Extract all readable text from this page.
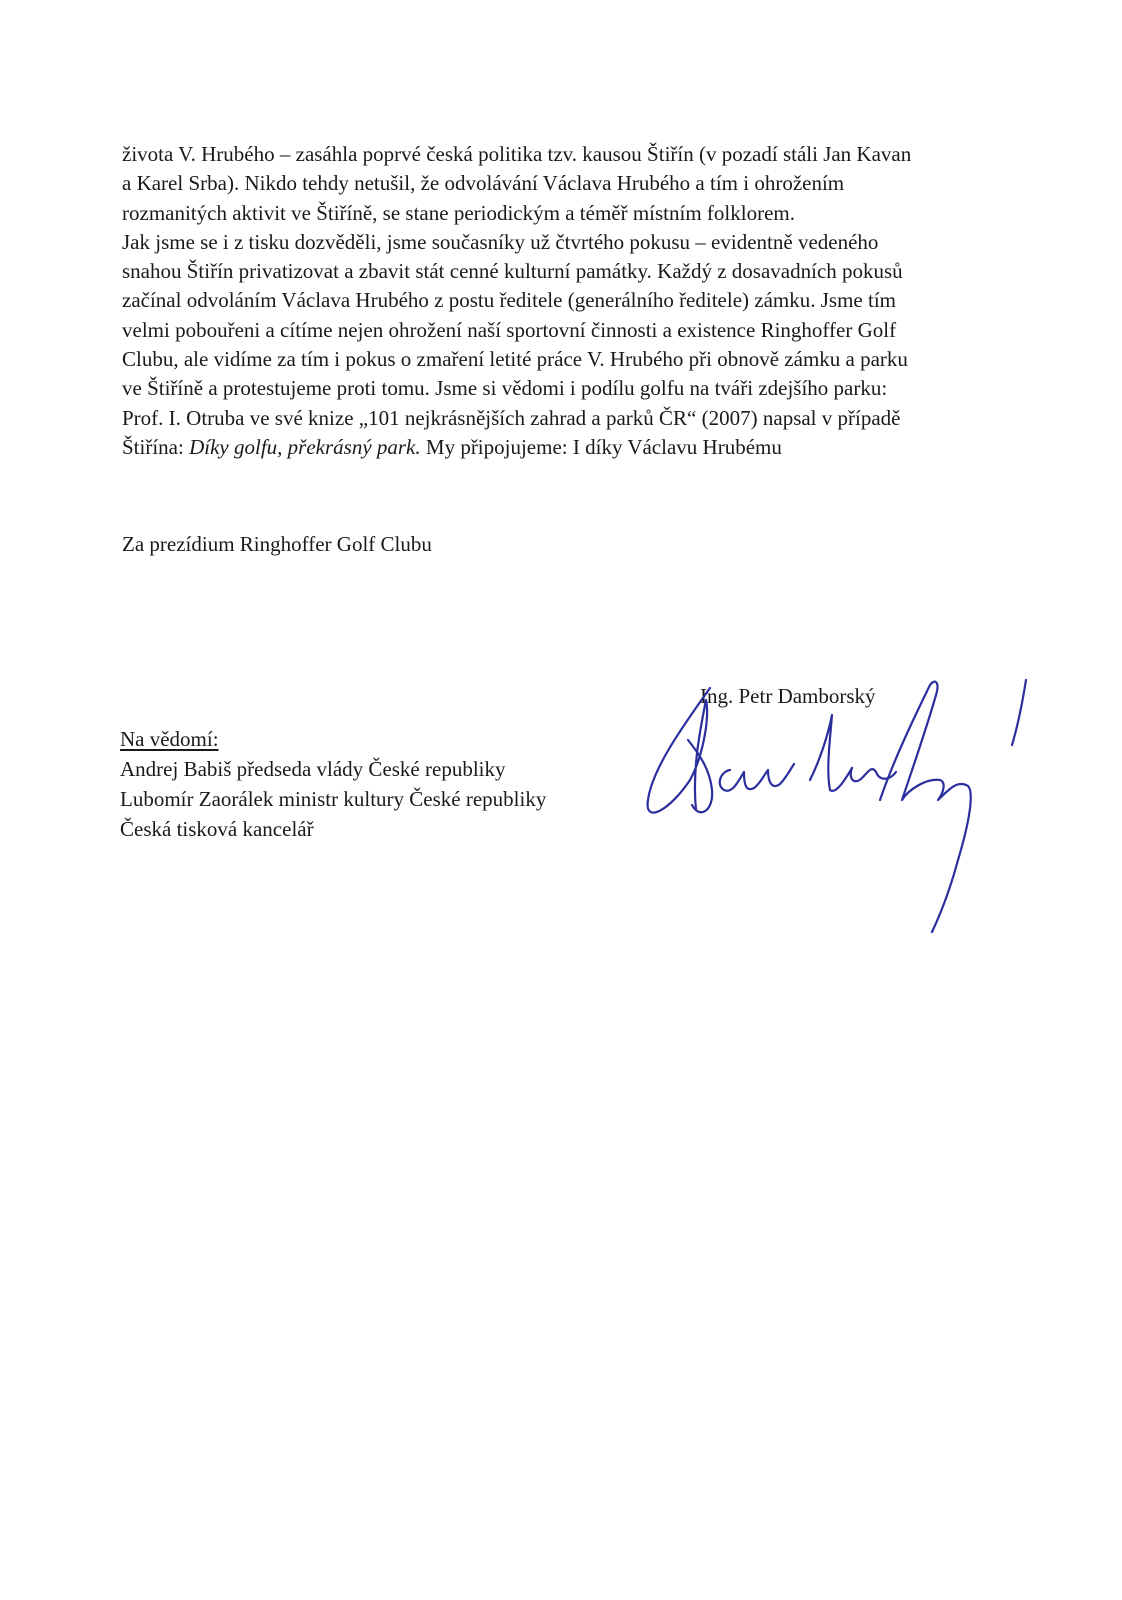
života V. Hrubého – zasáhla poprvé česká politika tzv. kausou Štiřín (v pozadí stáli Jan Kavan
a Karel Srba). Nikdo tehdy netušil, že odvolávání Václava Hrubého a tím i ohrožením
rozmanitých aktivit ve Štiříně, se stane periodickým a téměř místním folklorem.
Jak jsme se i z tisku dozvěděli, jsme současníky už čtvrtého pokusu – evidentně vedeného
snahou Štiřín privatizovat a zbavit stát cenné kulturní památky. Každý z dosavadních pokusů
začínal odvoláním Václava Hrubého z postu ředitele (generálního ředitele) zámku. Jsme tím
velmi pobouřeni a cítíme nejen ohrožení naší sportovní činnosti a existence Ringhoffer Golf
Clubu, ale vidíme za tím i pokus o zmaření letité práce V. Hrubého při obnově zámku a parku
ve Štiříně a protestujeme proti tomu. Jsme si vědomi i podílu golfu na tváři zdejšího parku:
Prof. I. Otruba ve své knize „101 nejkrásnějších zahrad a parků ČR“ (2007) napsal v případě
Štiřína: Díky golfu, překrásný park. My připojujeme: I díky Václavu Hrubému

Za prezídium Ringhoffer Golf Clubu

Ing. Petr Damborský

Na vědomí:
Andrej Babiš předseda vlády České republiky
Lubomír Zaorálek ministr kultury České republiky
Česká tisková kancelář
